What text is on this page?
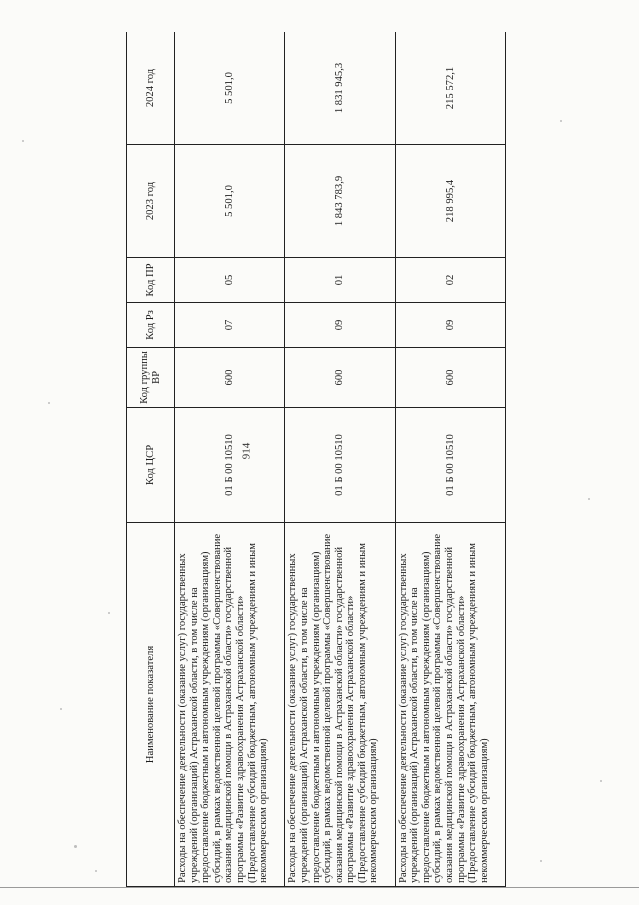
914
Наименование показателя	Код ЦСР	Код группы ВР	Код Рз	Код ПР	2023 год	2024 год
Расходы на обеспечение деятельности (оказание услуг) государственных учреждений (организаций) Астраханской области, в том числе на предоставление бюджетным и автономным учреждениям (организациям) субсидий, в рамках ведомственной целевой программы «Совершенствование оказания медицинской помощи в Астраханской области» государственной программы «Развитие здравоохранения Астраханской области» (Предоставление субсидий бюджетным, автономным учреждениям и иным некоммерческим организациям)	01 Б 00 10510	600	07	05	5 501,0	5 501,0
Расходы на обеспечение деятельности (оказание услуг) государственных учреждений (организаций) Астраханской области, в том числе на предоставление бюджетным и автономным учреждениям (организациям) субсидий, в рамках ведомственной целевой программы «Совершенствование оказания медицинской помощи в Астраханской области» государственной программы «Развитие здравоохранения Астраханской области» (Предоставление субсидий бюджетным, автономным учреждениям и иным некоммерческим организациям)	01 Б 00 10510	600	09	01	1 843 783,9	1 831 945,3
Расходы на обеспечение деятельности (оказание услуг) государственных учреждений (организаций) Астраханской области, в том числе на предоставление бюджетным и автономным учреждениям (организациям) субсидий, в рамках ведомственной целевой программы «Совершенствование оказания медицинской помощи в Астраханской области» государственной программы «Развитие здравоохранения Астраханской области» (Предоставление субсидий бюджетным, автономным учреждениям и иным некоммерческим организациям)	01 Б 00 10510	600	09	02	218 995,4	215 572,1
